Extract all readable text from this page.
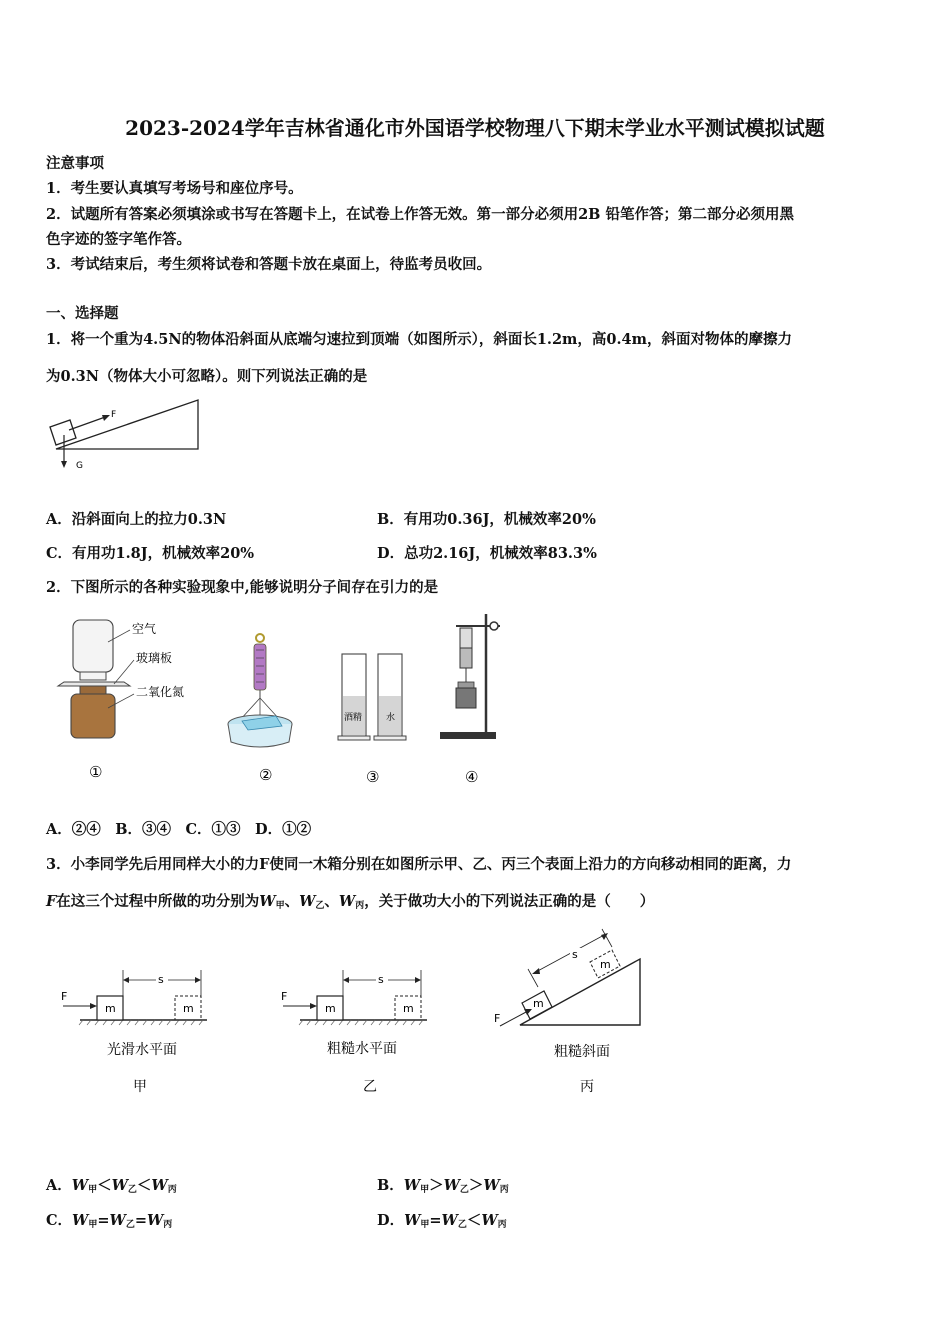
2023-2024学年吉林省通化市外国语学校物理八下期末学业水平测试模拟试题
注意事项
1．考生要认真填写考场号和座位序号。
2．试题所有答案必须填涂或书写在答题卡上，在试卷上作答无效。第一部分必须用2B 铅笔作答；第二部分必须用黑
色字迹的签字笔作答。
3．考试结束后，考生须将试卷和答题卡放在桌面上，待监考员收回。
一、选择题
1．将一个重为4.5N的物体沿斜面从底端匀速拉到顶端（如图所示），斜面长1.2m，高0.4m，斜面对物体的摩擦力
为0.3N（物体大小可忽略）。则下列说法正确的是
F
G
A．沿斜面向上的拉力0.3N	B．有用功0.36J，机械效率20%
C．有用功1.8J，机械效率20%	D．总功2.16J，机械效率83.3%
2．下图所示的各种实验现象中,能够说明分子间存在引力的是
空气
玻璃板
二氧化氮
①	②
酒精	水
③	④
A．②④　B．③④　C．①③　D．①②
3．小李同学先后用同样大小的力F使同一木箱分别在如图所示甲、乙、丙三个表面上沿力的方向移动相同的距离，力
F在这三个过程中所做的功分别为$W_甲$、$W_乙$、$W_丙$，关于做功大小的下列说法正确的是（　　）
m	m
F
s
光滑水平面
甲
m	m
F
s
粗糙水平面
乙
m
m
F
s
粗糙斜面
丙
A．$W_甲<W_乙<W_丙$	B．$W_甲>W_乙>W_丙$
C．$W_甲=W_乙=W_丙$	D．$W_甲=W_乙<W_丙$
